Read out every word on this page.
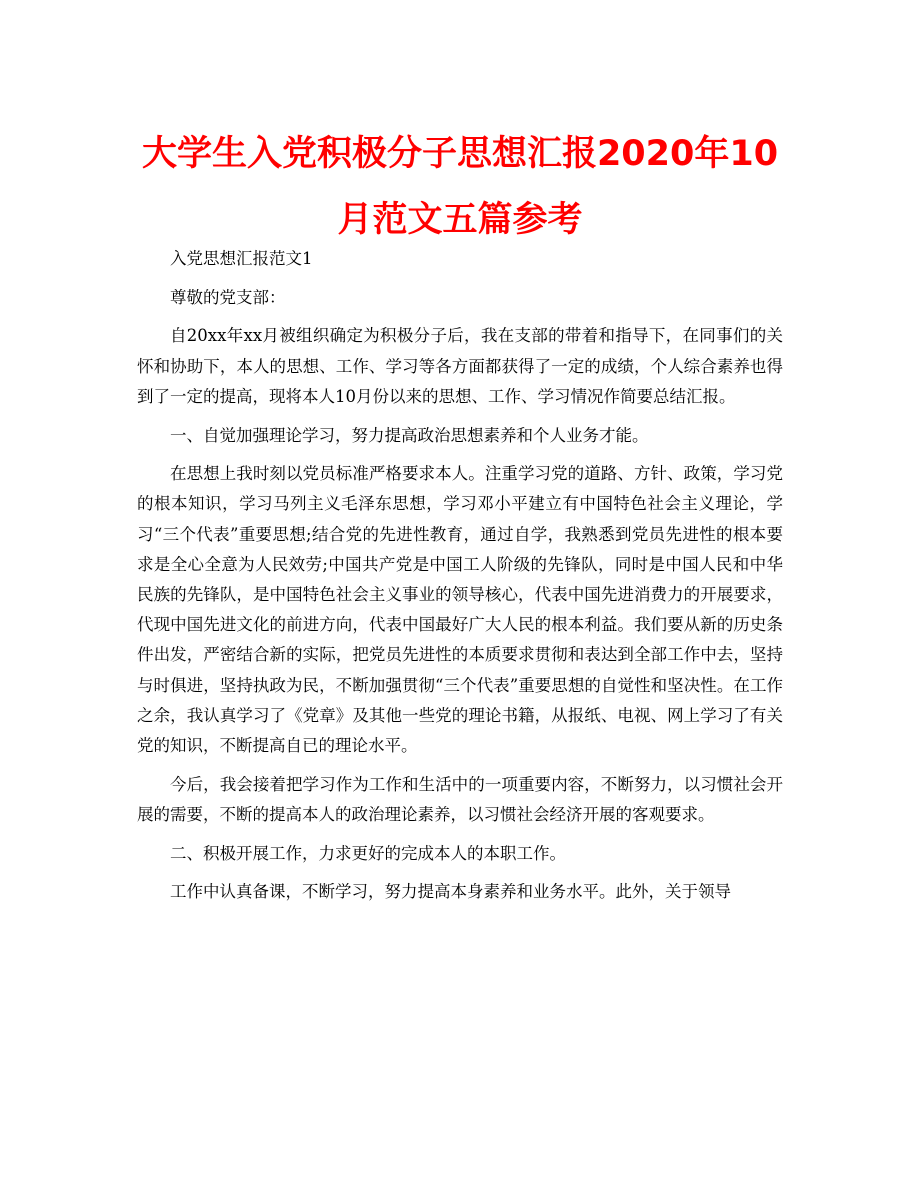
大学生入党积极分子思想汇报2020年10
月范文五篇参考

入党思想汇报范文1

尊敬的党支部：

自20xx年xx月被组织确定为积极分子后，我在支部的带着和指导下，在同事们的关怀和协助下，本人的思想、工作、学习等各方面都获得了一定的成绩，个人综合素养也得到了一定的提高，现将本人10月份以来的思想、工作、学习情况作简要总结汇报。

一、自觉加强理论学习，努力提高政治思想素养和个人业务才能。

在思想上我时刻以党员标准严格要求本人。注重学习党的道路、方针、政策，学习党的根本知识，学习马列主义毛泽东思想，学习邓小平建立有中国特色社会主义理论，学习“三个代表”重要思想;结合党的先进性教育，通过自学，我熟悉到党员先进性的根本要求是全心全意为人民效劳;中国共产党是中国工人阶级的先锋队，同时是中国人民和中华民族的先锋队，是中国特色社会主义事业的领导核心，代表中国先进消费力的开展要求，代现中国先进文化的前进方向，代表中国最好广大人民的根本利益。我们要从新的历史条件出发，严密结合新的实际，把党员先进性的本质要求贯彻和表达到全部工作中去，坚持与时俱进，坚持执政为民，不断加强贯彻“三个代表”重要思想的自觉性和坚决性。在工作之余，我认真学习了《党章》及其他一些党的理论书籍，从报纸、电视、网上学习了有关党的知识，不断提高自已的理论水平。

今后，我会接着把学习作为工作和生活中的一项重要内容，不断努力，以习惯社会开展的需要，不断的提高本人的政治理论素养，以习惯社会经济开展的客观要求。

二、积极开展工作，力求更好的完成本人的本职工作。

工作中认真备课，不断学习，努力提高本身素养和业务水平。此外，关于领导
